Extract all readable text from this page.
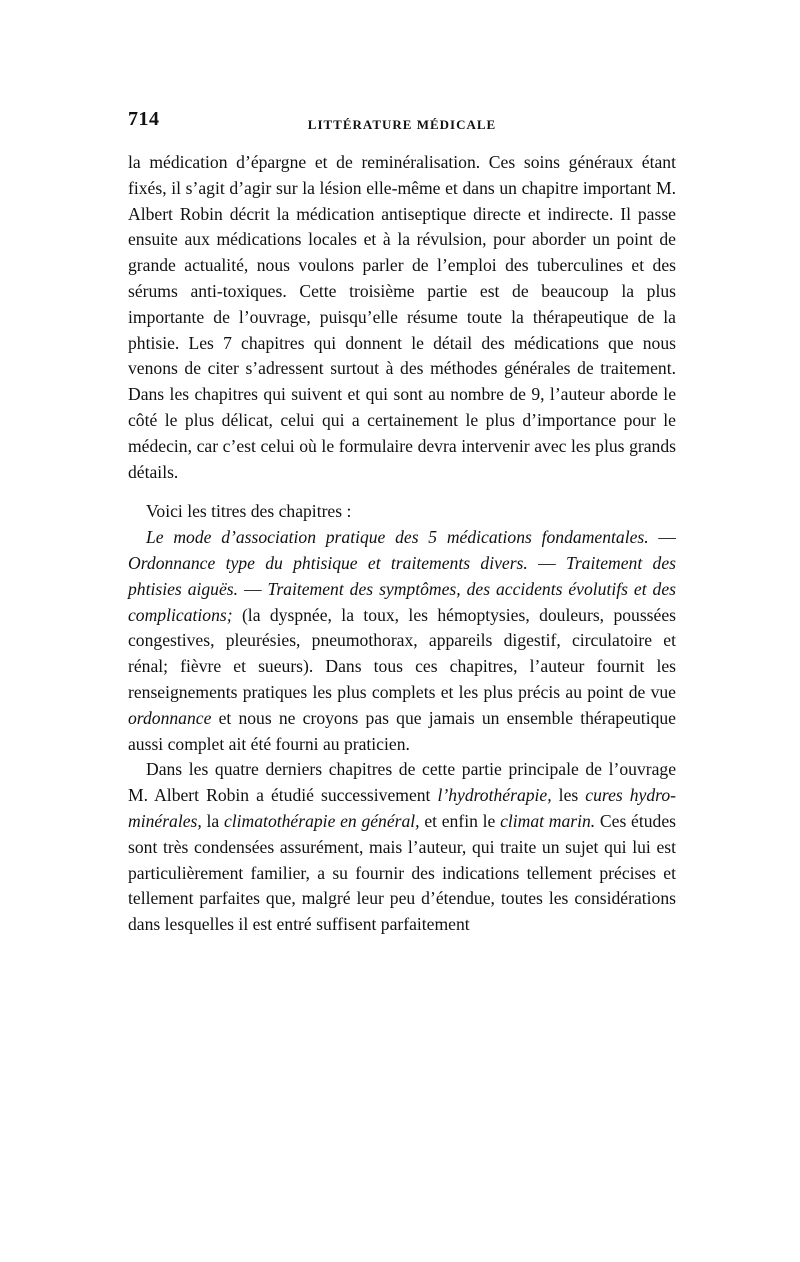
714	LITTÉRATURE MÉDICALE

la médication d’épargne et de reminéralisation. Ces soins généraux étant fixés, il s’agit d’agir sur la lésion elle-même et dans un chapitre important M. Albert Robin décrit la médication antiseptique directe et indirecte. Il passe ensuite aux médications locales et à la révulsion, pour aborder un point de grande actualité, nous voulons parler de l’emploi des tuberculines et des sérums anti-toxiques. Cette troisième partie est de beaucoup la plus importante de l’ouvrage, puisqu’elle résume toute la thérapeutique de la phtisie. Les 7 chapitres qui donnent le détail des médications que nous venons de citer s’adressent surtout à des méthodes générales de traitement. Dans les chapitres qui suivent et qui sont au nombre de 9, l’auteur aborde le côté le plus délicat, celui qui a certainement le plus d’importance pour le médecin, car c’est celui où le formulaire devra intervenir avec les plus grands détails.

Voici les titres des chapitres :

Le mode d’association pratique des 5 médications fondamentales. — Ordonnance type du phtisique et traitements divers. — Traitement des phtisies aiguës. — Traitement des symptômes, des accidents évolutifs et des complications; (la dyspnée, la toux, les hémoptysies, douleurs, poussées congestives, pleurésies, pneumothorax, appareils digestif, circulatoire et rénal; fièvre et sueurs). Dans tous ces chapitres, l’auteur fournit les renseignements pratiques les plus complets et les plus précis au point de vue ordonnance et nous ne croyons pas que jamais un ensemble thérapeutique aussi complet ait été fourni au praticien.

Dans les quatre derniers chapitres de cette partie principale de l’ouvrage M. Albert Robin a étudié successivement l’hydrothérapie, les cures hydro-minérales, la climatothérapie en général, et enfin le climat marin. Ces études sont très condensées assurément, mais l’auteur, qui traite un sujet qui lui est particulièrement familier, a su fournir des indications tellement précises et tellement parfaites que, malgré leur peu d’étendue, toutes les considérations dans lesquelles il est entré suffisent parfaitement
